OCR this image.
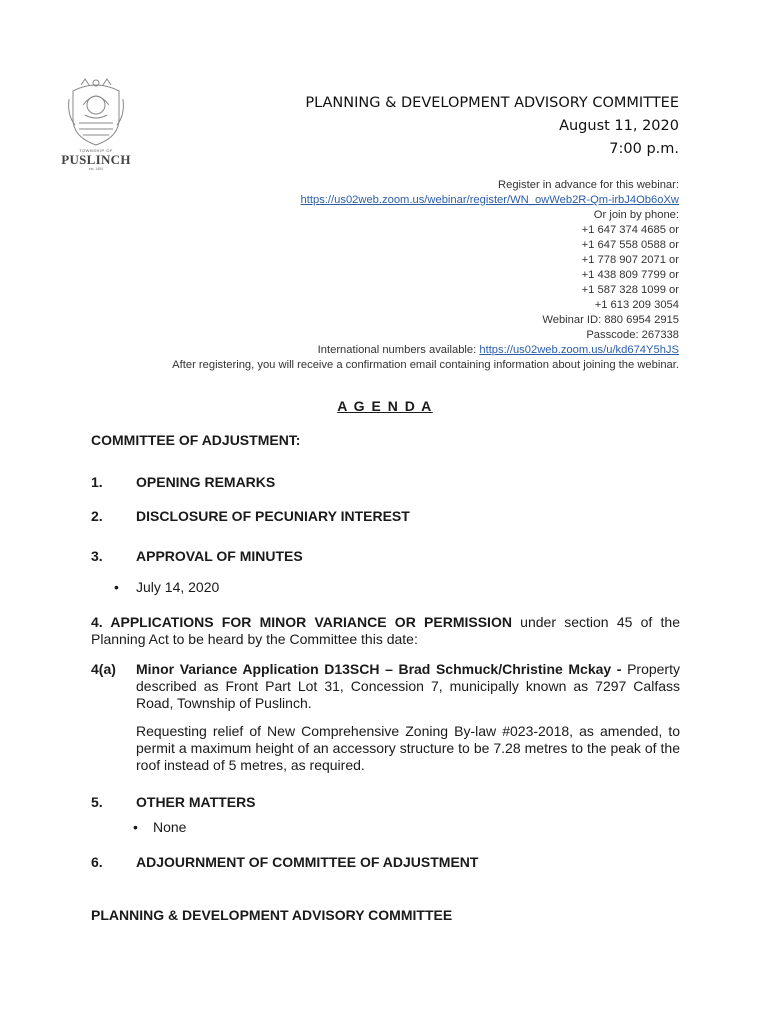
TOWNSHIP OF
PUSLINCH
est. 1850
PLANNING & DEVELOPMENT ADVISORY COMMITTEE
August 11, 2020
7:00 p.m.
Register in advance for this webinar:
https://us02web.zoom.us/webinar/register/WN_owWeb2R-Qm-irbJ4Ob6oXw
Or join by phone:
+1 647 374 4685 or
+1 647 558 0588 or
+1 778 907 2071 or
+1 438 809 7799 or
+1 587 328 1099 or
+1 613 209 3054
Webinar ID: 880 6954 2915
Passcode: 267338
International numbers available: https://us02web.zoom.us/u/kd674Y5hJS
After registering, you will receive a confirmation email containing information about joining the webinar.
A G E N D A
COMMITTEE OF ADJUSTMENT:
1. OPENING REMARKS
2. DISCLOSURE OF PECUNIARY INTEREST
3. APPROVAL OF MINUTES
• July 14, 2020
4. APPLICATIONS FOR MINOR VARIANCE OR PERMISSION under section 45 of the Planning Act to be heard by the Committee this date:
4(a) Minor Variance Application D13SCH – Brad Schmuck/Christine Mckay - Property described as Front Part Lot 31, Concession 7, municipally known as 7297 Calfass Road, Township of Puslinch.
Requesting relief of New Comprehensive Zoning By-law #023-2018, as amended, to permit a maximum height of an accessory structure to be 7.28 metres to the peak of the roof instead of 5 metres, as required.
5. OTHER MATTERS
• None
6. ADJOURNMENT OF COMMITTEE OF ADJUSTMENT
PLANNING & DEVELOPMENT ADVISORY COMMITTEE
